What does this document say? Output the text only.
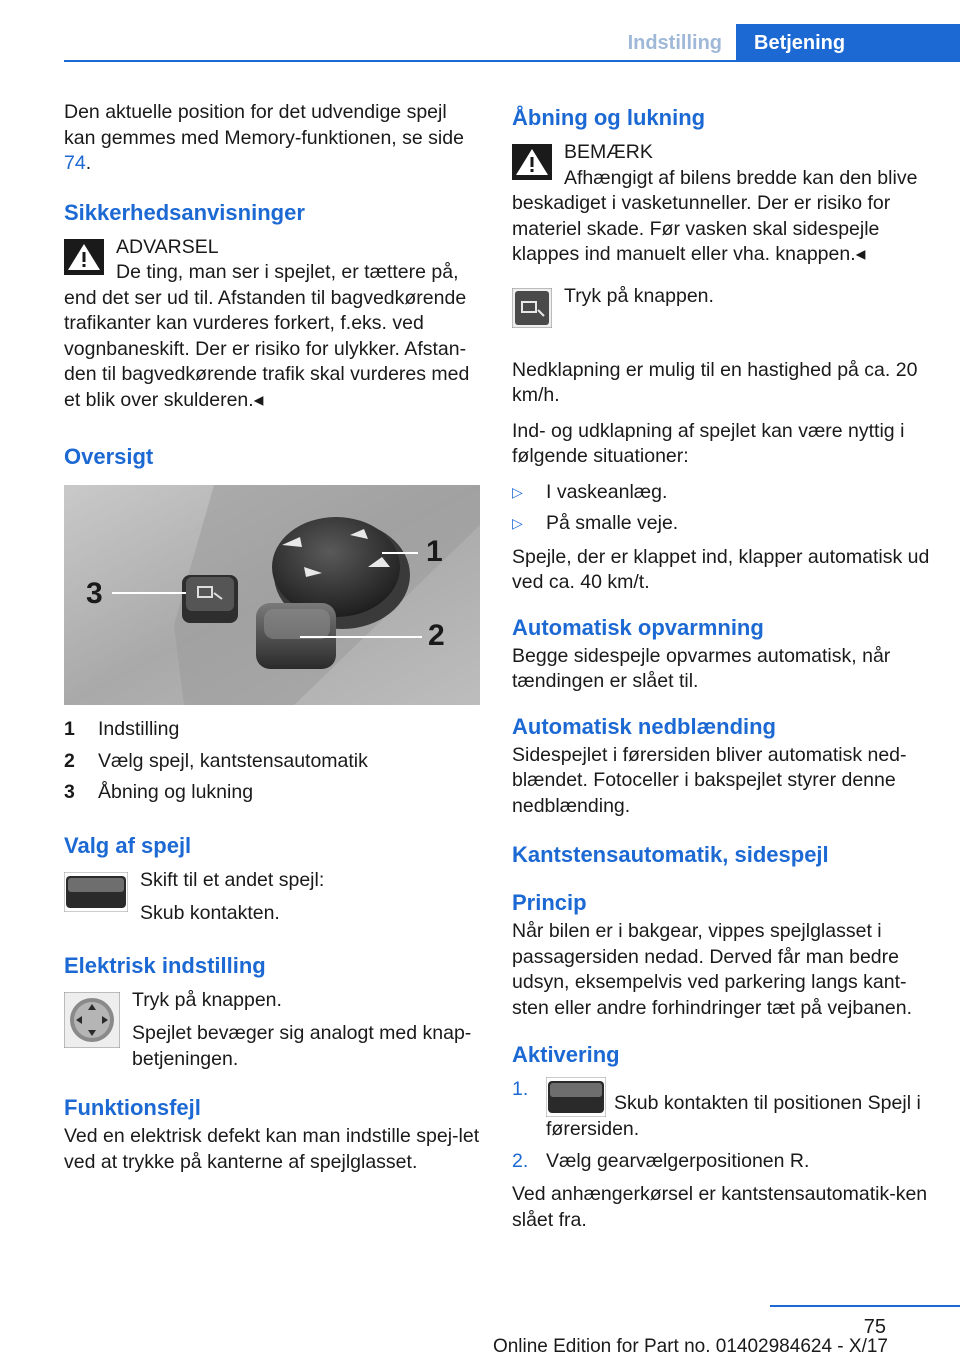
Indstilling	Betjening

Den aktuelle position for det udvendige spejl kan gemmes med Memory-funktionen, se side 74.

Sikkerhedsanvisninger
ADVARSEL
De ting, man ser i spejlet, er tættere på, end det ser ud til. Afstanden til bagvedkørende trafikanter kan vurderes forkert, f.eks. ved vognbaneskift. Der er risiko for ulykker. Afstan-den til bagvedkørende trafik skal vurderes med et blik over skulderen.◂
Oversigt
1
2
3
1	Indstilling
2	Vælg spejl, kantstensautomatik
3	Åbning og lukning
Valg af spejl
Skift til et andet spejl:
Skub kontakten.
Elektrisk indstilling
Tryk på knappen.
Spejlet bevæger sig analogt med knap-betjeningen.
Funktionsfejl

Ved en elektrisk defekt kan man indstille spej-let ved at trykke på kanterne af spejlglasset.

Åbning og lukning
BEMÆRK
Afhængigt af bilens bredde kan den blive beskadiget i vasketunneller. Der er risiko for materiel skade. Før vasken skal sidespejle klappes ind manuelt eller vha. knappen.◂
Tryk på knappen.

Nedklapning er mulig til en hastighed på ca. 20 km/h.

Ind- og udklapning af spejlet kan være nyttig i følgende situationer:

▷	I vaskeanlæg.
▷	På smalle veje.

Spejle, der er klappet ind, klapper automatisk ud ved ca. 40 km/t.

Automatisk opvarmning

Begge sidespejle opvarmes automatisk, når tændingen er slået til.

Automatisk nedblænding

Sidespejlet i førersiden bliver automatisk ned-blændet. Fotoceller i bakspejlet styrer denne nedblænding.

Kantstensautomatik, sidespejl
Princip

Når bilen er i bakgear, vippes spejlglasset i passagersiden nedad. Derved får man bedre udsyn, eksempelvis ved parkering langs kant-sten eller andre forhindringer tæt på vejbanen.

Aktivering
1.
Skub kontakten til positionen Spejl i førersiden.
2. Vælg gearvælgerpositionen R.

Ved anhængerkørsel er kantstensautomatik-ken slået fra.

75
Online Edition for Part no. 01402984624 - X/17
